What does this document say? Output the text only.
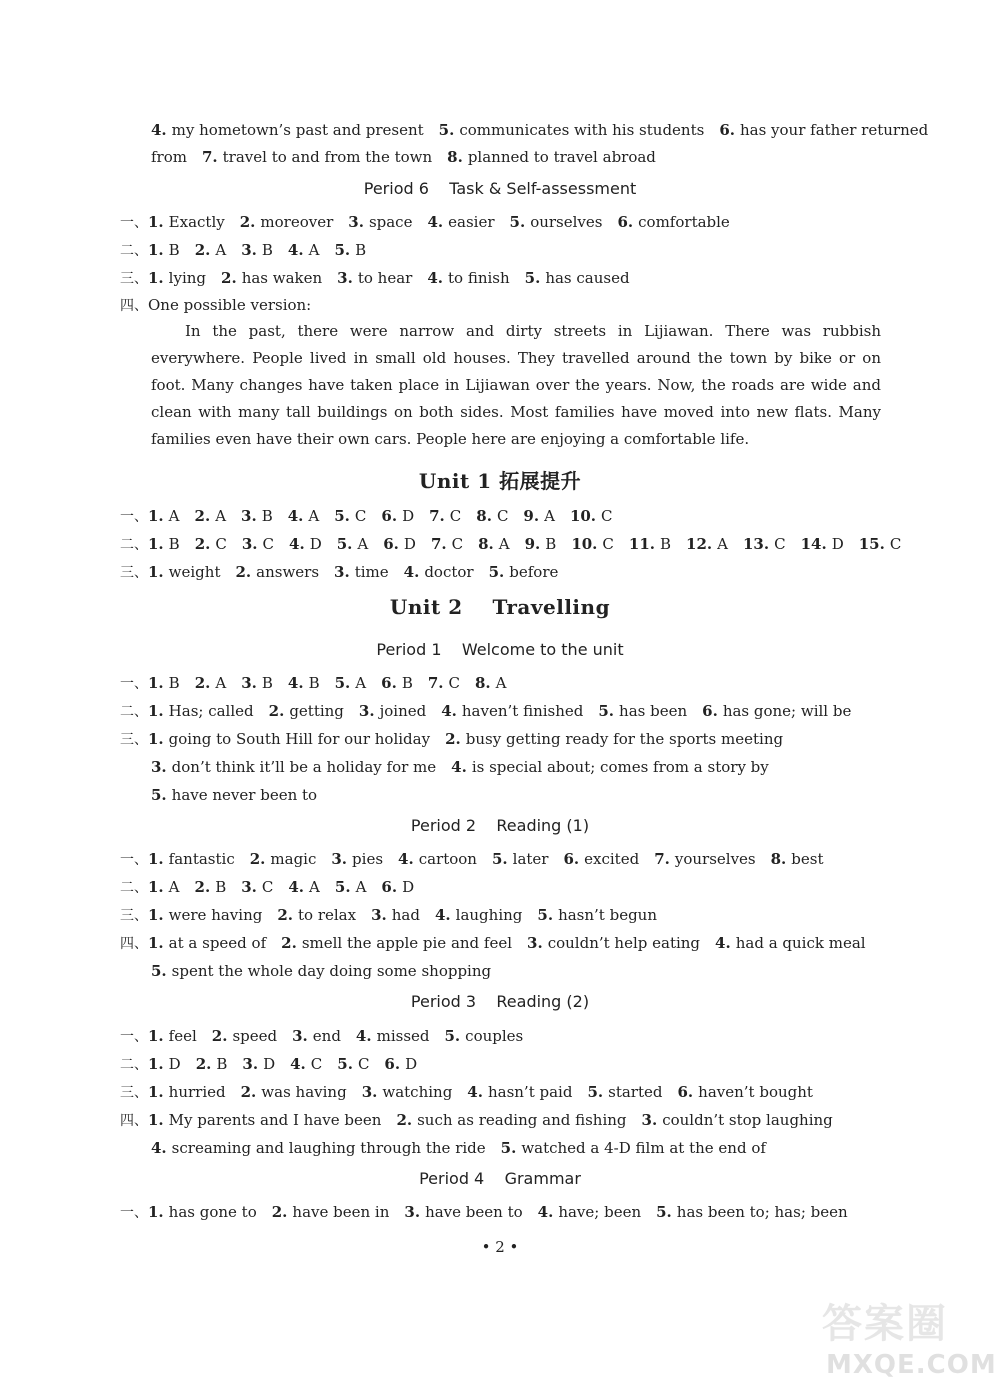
4. my hometown’s past and present 5. communicates with his students 6. has your father returned
from 7. travel to and from the town 8. planned to travel abroad
一、1. Exactly 2. moreover 3. space 4. easier 5. ourselves 6. comfortable
二、1. B 2. A 3. B 4. A 5. B
三、1. lying 2. has waken 3. to hear 4. to finish 5. has caused
四、One possible version:
一、1. A 2. A 3. B 4. A 5. C 6. D 7. C 8. C 9. A 10. C
二、1. B 2. C 3. C 4. D 5. A 6. D 7. C 8. A 9. B 10. C 11. B 12. A 13. C 14. D 15. C
三、1. weight 2. answers 3. time 4. doctor 5. before
一、1. B 2. A 3. B 4. B 5. A 6. B 7. C 8. A
二、1. Has; called 2. getting 3. joined 4. haven’t finished 5. has been 6. has gone; will be
三、1. going to South Hill for our holiday 2. busy getting ready for the sports meeting
3. don’t think it’ll be a holiday for me 4. is special about; comes from a story by
5. have never been to
一、1. fantastic 2. magic 3. pies 4. cartoon 5. later 6. excited 7. yourselves 8. best
二、1. A 2. B 3. C 4. A 5. A 6. D
三、1. were having 2. to relax 3. had 4. laughing 5. hasn’t begun
四、1. at a speed of 2. smell the apple pie and feel 3. couldn’t help eating 4. had a quick meal
5. spent the whole day doing some shopping
一、1. feel 2. speed 3. end 4. missed 5. couples
二、1. D 2. B 3. D 4. C 5. C 6. D
三、1. hurried 2. was having 3. watching 4. hasn’t paid 5. started 6. haven’t bought
四、1. My parents and I have been 2. such as reading and fishing 3. couldn’t stop laughing
4. screaming and laughing through the ride 5. watched a 4-D film at the end of
一、1. has gone to 2. have been in 3. have been to 4. have; been 5. has been to; has; been
Period 6    Task & Self-assessment
Period 1    Welcome to the unit
Period 2    Reading (1)
Period 3    Reading (2)
Period 4    Grammar
Unit 1 拓展提升
Unit 2    Travelling
In the past, there were narrow and dirty streets in Lijiawan. There was rubbish everywhere. People lived in small old houses. They travelled around the town by bike or on foot. Many changes have taken place in Lijiawan over the years. Now, the roads are wide and clean with many tall buildings on both sides. Most families have moved into new flats. Many families even have their own cars. People here are enjoying a comfortable life.
• 2 •
答案圈
MXQE.COM
